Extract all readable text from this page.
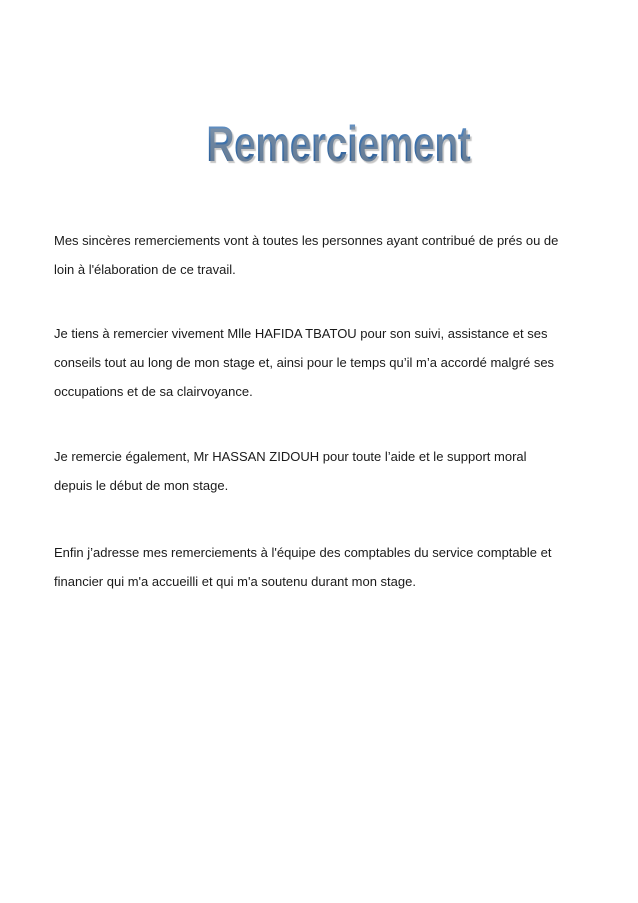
Remerciement
Mes sincères remerciements vont à toutes les personnes ayant contribué de prés ou de
loin à l'élaboration de ce travail.
Je tiens à remercier vivement Mlle HAFIDA TBATOU pour son suivi, assistance et ses
conseils tout au long de mon stage et, ainsi pour le temps qu’il m’a accordé malgré ses
occupations et de sa clairvoyance.
Je remercie également, Mr HASSAN ZIDOUH pour toute l’aide et le support moral
depuis le début de mon stage.
Enfin j’adresse mes remerciements à l'équipe des comptables du service comptable et
financier qui m'a accueilli et qui m'a soutenu durant mon stage.
